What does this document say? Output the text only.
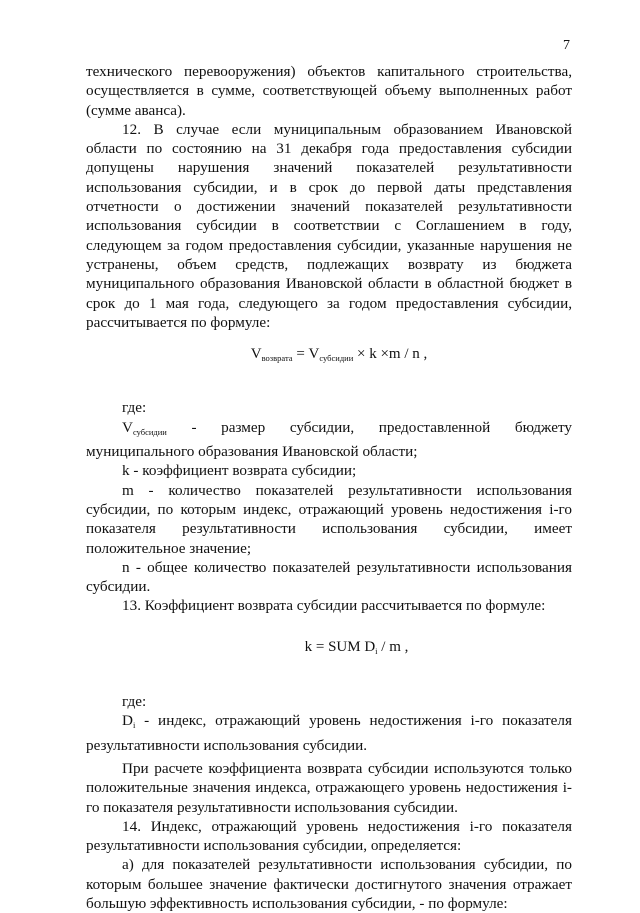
7

технического перевооружения) объектов капитального строительства, осуществляется в сумме, соответствующей объему выполненных работ (сумме аванса).

12. В случае если муниципальным образованием Ивановской области по состоянию на 31 декабря года предоставления субсидии допущены нарушения значений показателей результативности использования субсидии, и в срок до первой даты представления отчетности о достижении значений показателей результативности использования субсидии в соответствии с Соглашением в году, следующем за годом предоставления субсидии, указанные нарушения не устранены, объем средств, подлежащих возврату из бюджета муниципального образования Ивановской области в областной бюджет в срок до 1 мая года, следующего за годом предоставления субсидии, рассчитывается по формуле:

$V_{возврата} = V_{субсидии} \times k \times m / n$ ,

где:

$V_{субсидии}$ - размер субсидии, предоставленной бюджету

муниципального образования Ивановской области;

k - коэффициент возврата субсидии;

m - количество показателей результативности использования субсидии, по которым индекс, отражающий уровень недостижения i-го показателя результативности использования субсидии, имеет положительное значение;

n - общее количество показателей результативности использования субсидии.

13. Коэффициент возврата субсидии рассчитывается по формуле:

k = SUM $D_i$ / m ,

где:

$D_i$ - индекс, отражающий уровень недостижения i-го показателя результативности использования субсидии.

При расчете коэффициента возврата субсидии используются только положительные значения индекса, отражающего уровень недостижения i-го показателя результативности использования субсидии.

14. Индекс, отражающий уровень недостижения i-го показателя результативности использования субсидии, определяется:

а) для показателей результативности использования субсидии, по которым большее значение фактически достигнутого значения отражает большую эффективность использования субсидии, - по формуле:
